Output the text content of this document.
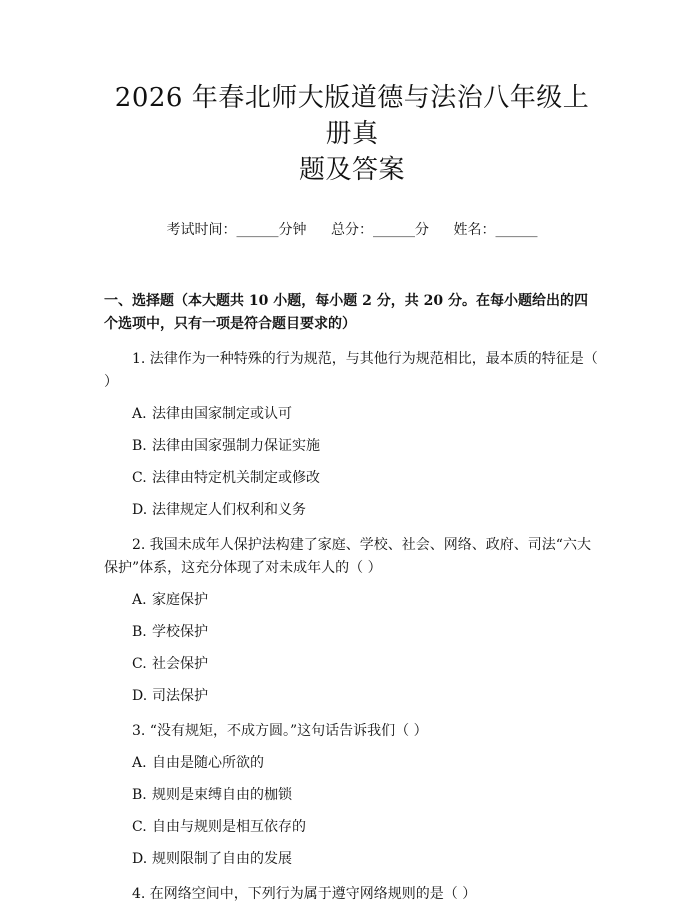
2026 年春北师大版道德与法治八年级上册真
题及答案
考试时间：______分钟 总分：______分 姓名：______
一、选择题（本大题共 10 小题，每小题 2 分，共 20 分。在每小题给出的四个选项中，只有一项是符合题目要求的）
1. 法律作为一种特殊的行为规范，与其他行为规范相比，最本质的特征是（ ）
A. 法律由国家制定或认可
B. 法律由国家强制力保证实施
C. 法律由特定机关制定或修改
D. 法律规定人们权利和义务
2. 我国未成年人保护法构建了家庭、学校、社会、网络、政府、司法“六大保护”体系，这充分体现了对未成年人的（ ）
A. 家庭保护
B. 学校保护
C. 社会保护
D. 司法保护
3. “没有规矩，不成方圆。”这句话告诉我们（ ）
A. 自由是随心所欲的
B. 规则是束缚自由的枷锁
C. 自由与规则是相互依存的
D. 规则限制了自由的发展
4. 在网络空间中，下列行为属于遵守网络规则的是（ ）
